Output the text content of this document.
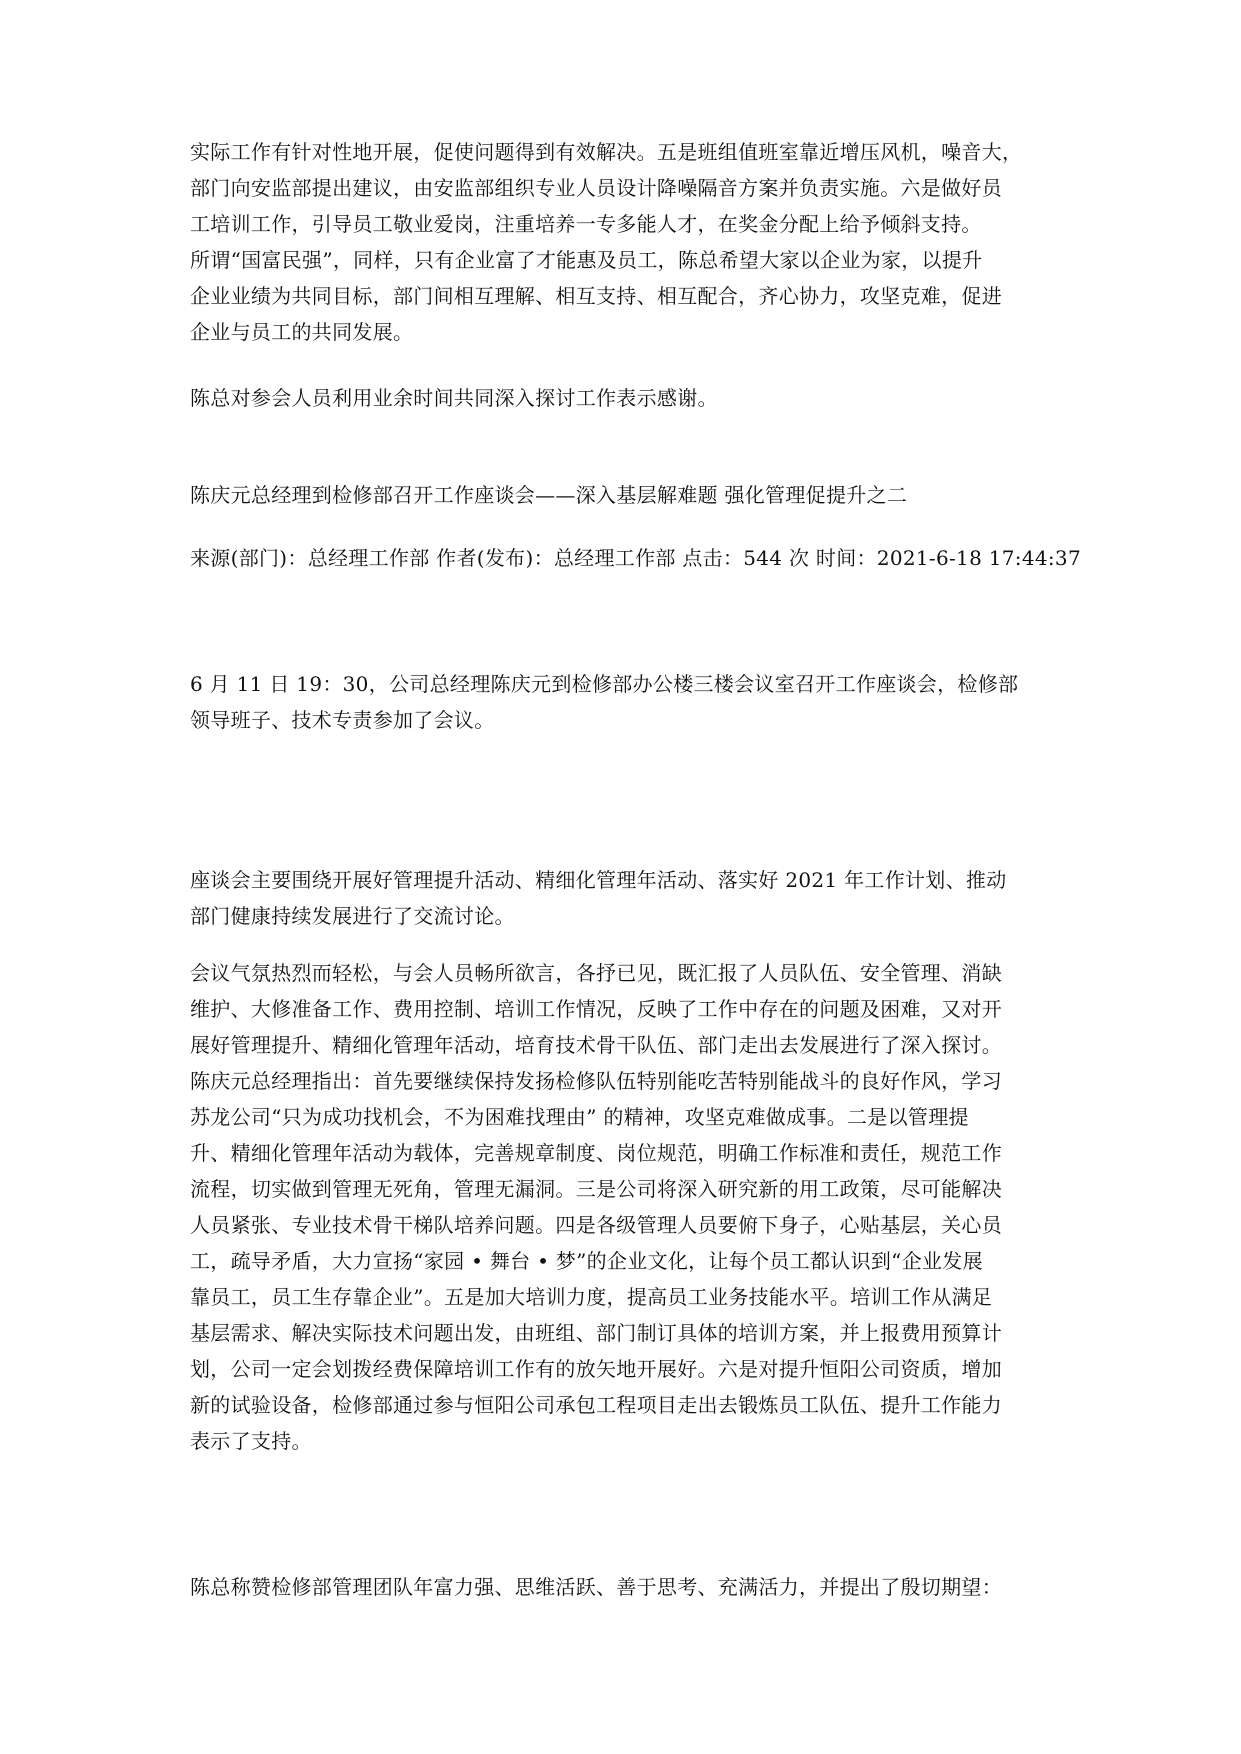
实际工作有针对性地开展，促使问题得到有效解决。五是班组值班室靠近增压风机，噪音大，
部门向安监部提出建议，由安监部组织专业人员设计降噪隔音方案并负责实施。六是做好员
工培训工作，引导员工敬业爱岗，注重培养一专多能人才，在奖金分配上给予倾斜支持。
所谓“国富民强”，同样，只有企业富了才能惠及员工，陈总希望大家以企业为家，以提升
企业业绩为共同目标，部门间相互理解、相互支持、相互配合，齐心协力，攻坚克难，促进
企业与员工的共同发展。
陈总对参会人员利用业余时间共同深入探讨工作表示感谢。
陈庆元总经理到检修部召开工作座谈会——深入基层解难题 强化管理促提升之二
来源(部门)：总经理工作部 作者(发布)：总经理工作部 点击：544 次 时间：2021-6-18 17:44:37
6 月 11 日 19：30，公司总经理陈庆元到检修部办公楼三楼会议室召开工作座谈会，检修部
领导班子、技术专责参加了会议。
座谈会主要围绕开展好管理提升活动、精细化管理年活动、落实好 2021 年工作计划、推动
部门健康持续发展进行了交流讨论。
会议气氛热烈而轻松，与会人员畅所欲言，各抒已见，既汇报了人员队伍、安全管理、消缺
维护、大修准备工作、费用控制、培训工作情况，反映了工作中存在的问题及困难，又对开
展好管理提升、精细化管理年活动，培育技术骨干队伍、部门走出去发展进行了深入探讨。
陈庆元总经理指出：首先要继续保持发扬检修队伍特别能吃苦特别能战斗的良好作风，学习
苏龙公司“只为成功找机会，不为困难找理由” 的精神，攻坚克难做成事。二是以管理提
升、精细化管理年活动为载体，完善规章制度、岗位规范，明确工作标准和责任，规范工作
流程，切实做到管理无死角，管理无漏洞。三是公司将深入研究新的用工政策，尽可能解决
人员紧张、专业技术骨干梯队培养问题。四是各级管理人员要俯下身子，心贴基层，关心员
工，疏导矛盾，大力宣扬“家园 • 舞台 • 梦”的企业文化，让每个员工都认识到“企业发展
靠员工，员工生存靠企业”。五是加大培训力度，提高员工业务技能水平。培训工作从满足
基层需求、解决实际技术问题出发，由班组、部门制订具体的培训方案，并上报费用预算计
划，公司一定会划拨经费保障培训工作有的放矢地开展好。六是对提升恒阳公司资质，增加
新的试验设备，检修部通过参与恒阳公司承包工程项目走出去锻炼员工队伍、提升工作能力
表示了支持。
陈总称赞检修部管理团队年富力强、思维活跃、善于思考、充满活力，并提出了殷切期望：
